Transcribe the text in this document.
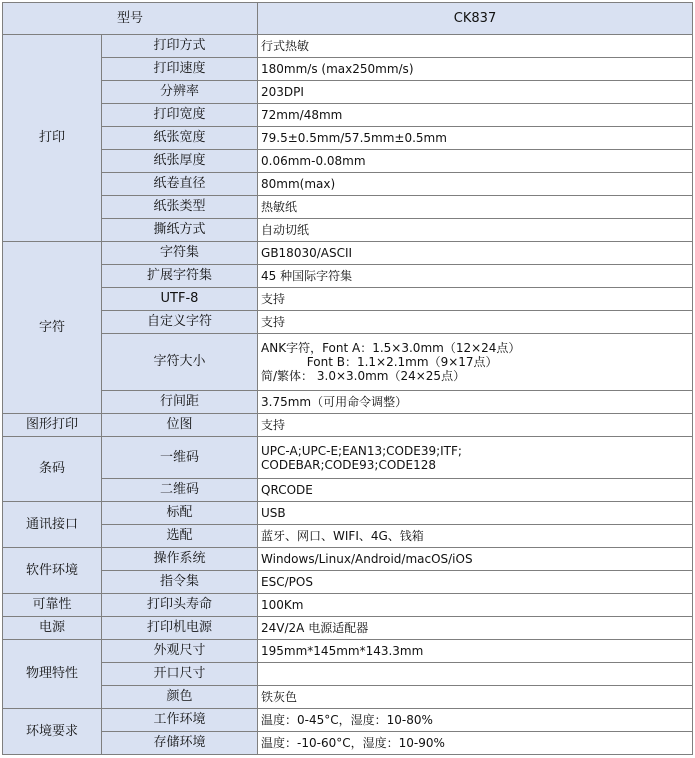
型号		CK837
打印	打印方式	行式热敏
	打印速度	180mm/s (max250mm/s)
	分辨率	203DPI
	打印宽度	72mm/48mm
	纸张宽度	79.5±0.5mm/57.5mm±0.5mm
	纸张厚度	0.06mm-0.08mm
	纸卷直径	80mm(max)
	纸张类型	热敏纸
	撕纸方式	自动切纸
字符	字符集	GB18030/ASCII
	扩展字符集	45 种国际字符集
	UTF-8	支持
	自定义字符	支持
	字符大小	ANK字符，Font A：1.5×3.0mm（12×24点）
Font B：1.1×2.1mm（9×17点）
简/繁体： 3.0×3.0mm（24×25点）
	行间距	3.75mm（可用命令调整）
图形打印	位图	支持
条码	一维码	UPC-A;UPC-E;EAN13;CODE39;ITF;
CODEBAR;CODE93;CODE128
	二维码	QRCODE
通讯接口	标配	USB
	选配	蓝牙、网口、WIFI、4G、钱箱
软件环境	操作系统	Windows/Linux/Android/macOS/iOS
	指令集	ESC/POS
可靠性	打印头寿命	100Km
电源	打印机电源	24V/2A 电源适配器
物理特性	外观尺寸	195mm*145mm*143.3mm
	开口尺寸	
	颜色	铁灰色
环境要求	工作环境	温度：0-45°C，湿度：10-80%
	存储环境	温度：-10-60°C，湿度：10-90%
